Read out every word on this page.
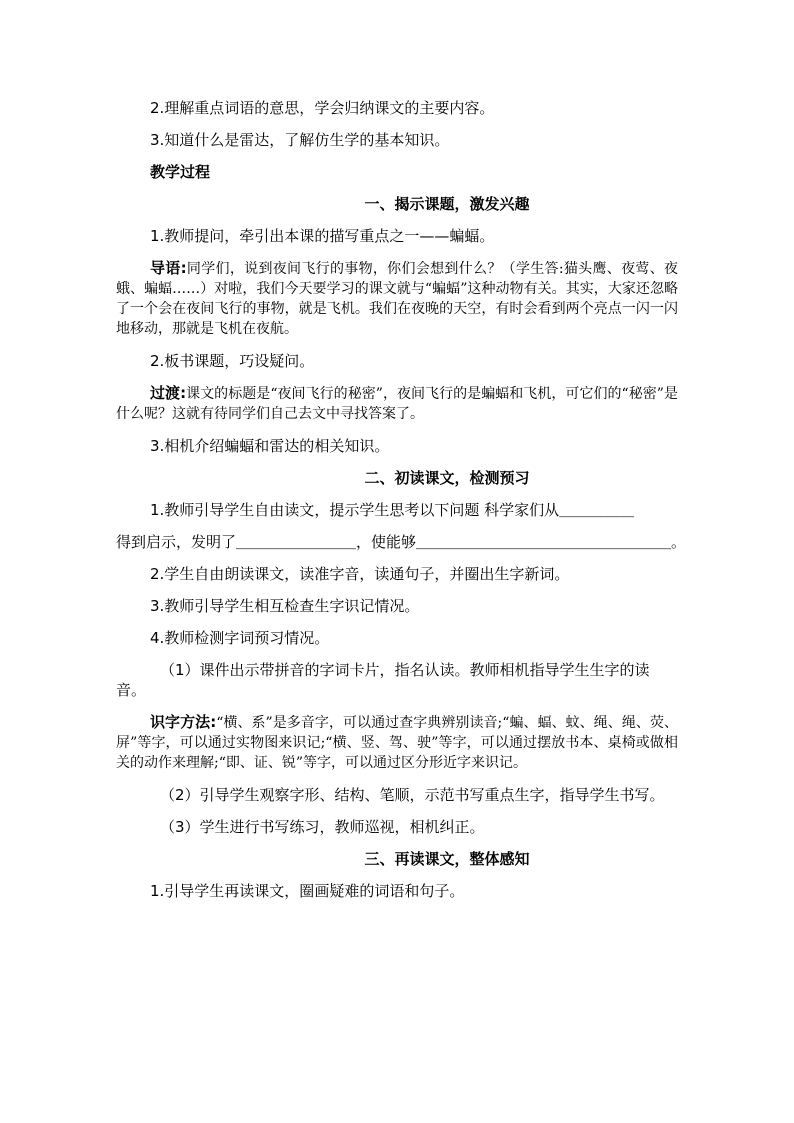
2.理解重点词语的意思，学会归纳课文的主要内容。

3.知道什么是雷达，了解仿生学的基本知识。

教学过程

一、揭示课题，激发兴趣

1.教师提问，牵引出本课的描写重点之一——蝙蝠。

导语:同学们，说到夜间飞行的事物，你们会想到什么？（学生答:猫头鹰、夜莺、夜蛾、蝙蝠……）对啦，我们今天要学习的课文就与“蝙蝠”这种动物有关。其实，大家还忽略了一个会在夜间飞行的事物，就是飞机。我们在夜晚的天空，有时会看到两个亮点一闪一闪地移动，那就是飞机在夜航。

2.板书课题，巧设疑问。

过渡:课文的标题是“夜间飞行的秘密”，夜间飞行的是蝙蝠和飞机，可它们的“秘密”是什么呢？这就有待同学们自己去文中寻找答案了。

3.相机介绍蝙蝠和雷达的相关知识。

二、初读课文，检测预习

1.教师引导学生自由读文，提示学生思考以下问题 科学家们从＿＿＿＿＿

得到启示，发明了＿＿＿＿＿＿＿＿，使能够＿＿＿＿＿＿＿＿＿＿＿＿＿＿＿＿＿。

2.学生自由朗读课文，读准字音，读通句子，并圈出生字新词。

3.教师引导学生相互检查生字识记情况。

4.教师检测字词预习情况。

（1）课件出示带拼音的字词卡片，指名认读。教师相机指导学生生字的读音。
识字方法:“横、系”是多音字，可以通过查字典辨别读音;“蝙、蝠、蚊、绳、绳、荧、屏”等字，可以通过实物图来识记;“横、竖、驾、驶”等字，可以通过摆放书本、桌椅或做相关的动作来理解;“即、证、锐”等字，可以通过区分形近字来识记。

（2）引导学生观察字形、结构、笔顺，示范书写重点生字，指导学生书写。

（3）学生进行书写练习，教师巡视，相机纠正。

三、再读课文，整体感知

1.引导学生再读课文，圈画疑难的词语和句子。
